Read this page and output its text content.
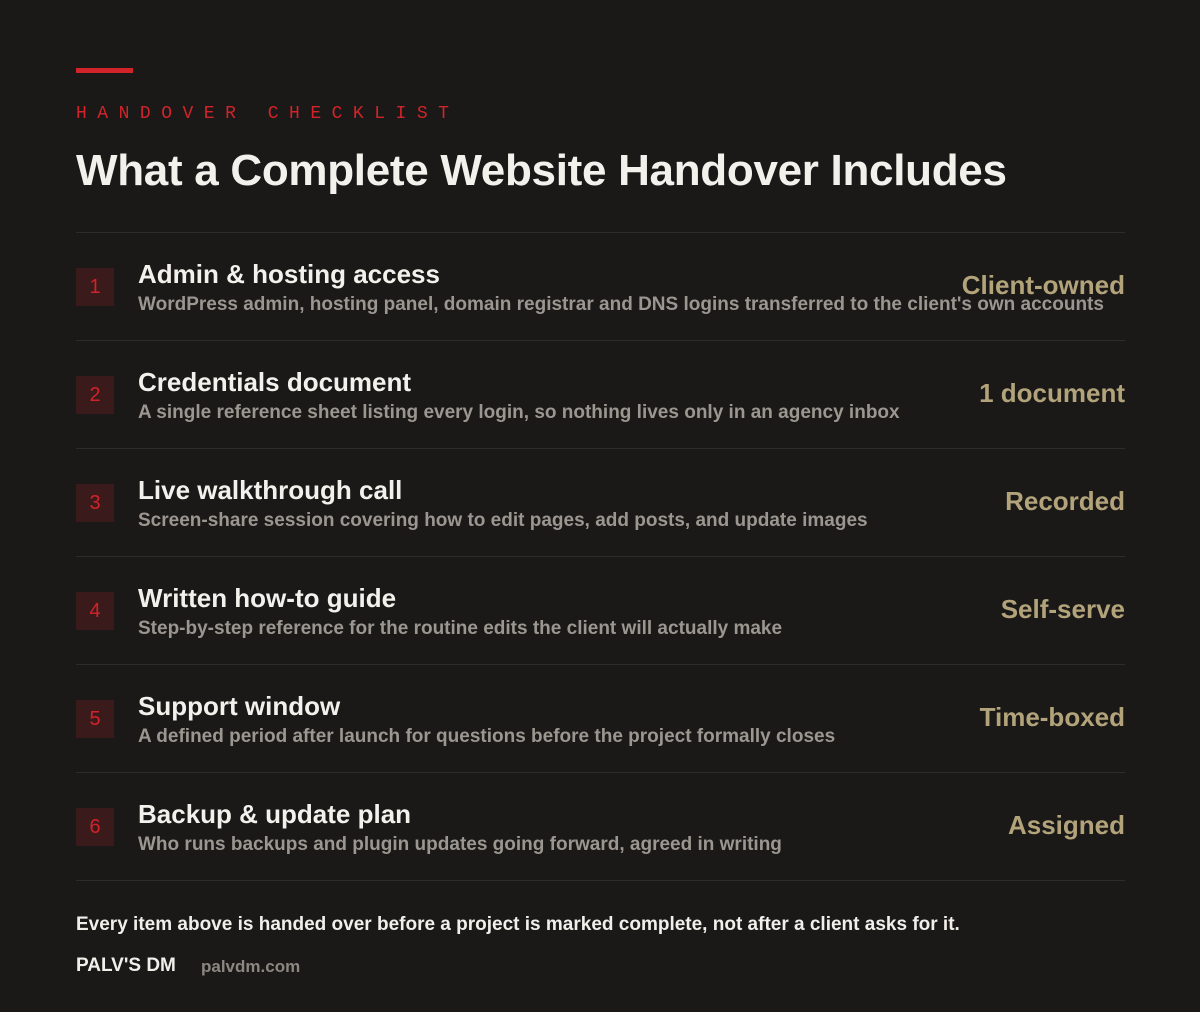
HANDOVER CHECKLIST
What a Complete Website Handover Includes
1	Admin & hosting access	Client-owned
WordPress admin, hosting panel, domain registrar and DNS logins transferred to the client's own accounts
2	Credentials document	1 document
A single reference sheet listing every login, so nothing lives only in an agency inbox
3	Live walkthrough call	Recorded
Screen-share session covering how to edit pages, add posts, and update images
4	Written how-to guide	Self-serve
Step-by-step reference for the routine edits the client will actually make
5	Support window	Time-boxed
A defined period after launch for questions before the project formally closes
6	Backup & update plan	Assigned
Who runs backups and plugin updates going forward, agreed in writing
Every item above is handed over before a project is marked complete, not after a client asks for it.
PALV'S DM palvdm.com
